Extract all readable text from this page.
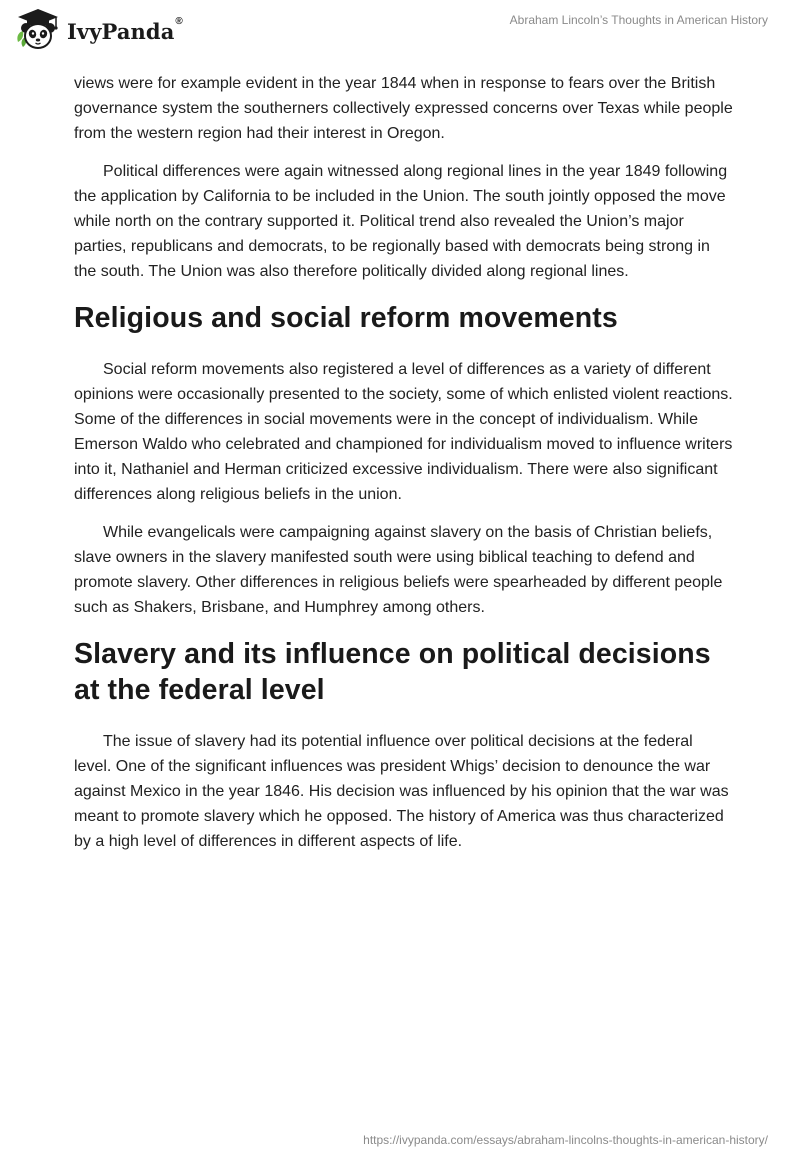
IvyPanda ®	Abraham Lincoln’s Thoughts in American History

views were for example evident in the year 1844 when in response to fears over the British governance system the southerners collectively expressed concerns over Texas while people from the western region had their interest in Oregon.

Political differences were again witnessed along regional lines in the year 1849 following the application by California to be included in the Union. The south jointly opposed the move while north on the contrary supported it. Political trend also revealed the Union’s major parties, republicans and democrats, to be regionally based with democrats being strong in the south. The Union was also therefore politically divided along regional lines.

Religious and social reform movements

Social reform movements also registered a level of differences as a variety of different opinions were occasionally presented to the society, some of which enlisted violent reactions. Some of the differences in social movements were in the concept of individualism. While Emerson Waldo who celebrated and championed for individualism moved to influence writers into it, Nathaniel and Herman criticized excessive individualism. There were also significant differences along religious beliefs in the union.

While evangelicals were campaigning against slavery on the basis of Christian beliefs, slave owners in the slavery manifested south were using biblical teaching to defend and promote slavery. Other differences in religious beliefs were spearheaded by different people such as Shakers, Brisbane, and Humphrey among others.

Slavery and its influence on political decisions at the federal level

The issue of slavery had its potential influence over political decisions at the federal level. One of the significant influences was president Whigs’ decision to denounce the war against Mexico in the year 1846. His decision was influenced by his opinion that the war was meant to promote slavery which he opposed. The history of America was thus characterized by a high level of differences in different aspects of life.

https://ivypanda.com/essays/abraham-lincolns-thoughts-in-american-history/
